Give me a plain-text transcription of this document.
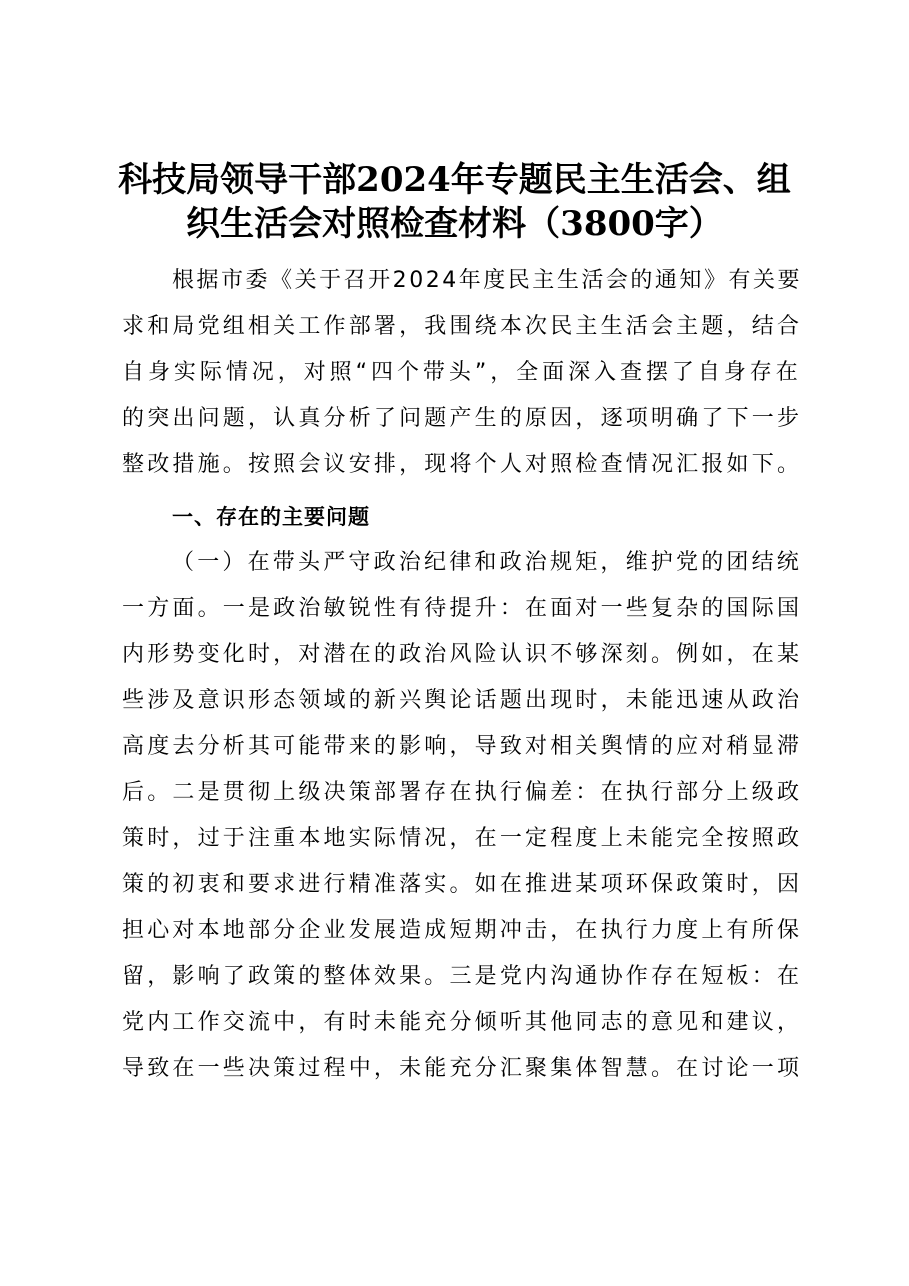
科技局领导干部2024年专题民主生活会、组
织生活会对照检查材料（3800字）

根据市委《关于召开2024年度民主生活会的通知》有关要
求和局党组相关工作部署，我围绕本次民主生活会主题，结合
自身实际情况，对照“四个带头”，全面深入查摆了自身存在
的突出问题，认真分析了问题产生的原因，逐项明确了下一步
整改措施。按照会议安排，现将个人对照检查情况汇报如下。

一、存在的主要问题

（一）在带头严守政治纪律和政治规矩，维护党的团结统
一方面。一是政治敏锐性有待提升：在面对一些复杂的国际国
内形势变化时，对潜在的政治风险认识不够深刻。例如，在某
些涉及意识形态领域的新兴舆论话题出现时，未能迅速从政治
高度去分析其可能带来的影响，导致对相关舆情的应对稍显滞
后。二是贯彻上级决策部署存在执行偏差：在执行部分上级政
策时，过于注重本地实际情况，在一定程度上未能完全按照政
策的初衷和要求进行精准落实。如在推进某项环保政策时，因
担心对本地部分企业发展造成短期冲击，在执行力度上有所保
留，影响了政策的整体效果。三是党内沟通协作存在短板：在
党内工作交流中，有时未能充分倾听其他同志的意见和建议，
导致在一些决策过程中，未能充分汇聚集体智慧。在讨论一项
